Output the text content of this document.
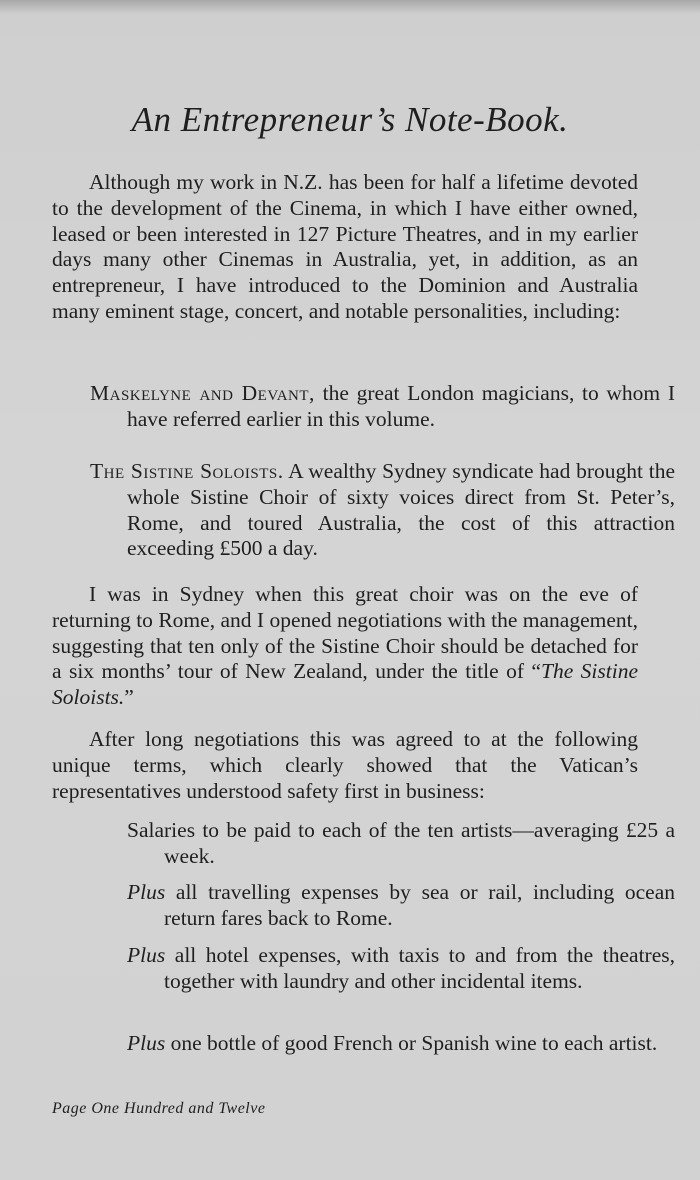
An Entrepreneur’s Note-Book.

Although my work in N.Z. has been for half a lifetime devoted to the development of the Cinema, in which I have either owned, leased or been interested in 127 Picture Theatres, and in my earlier days many other Cinemas in Australia, yet, in addition, as an entrepreneur, I have introduced to the Dominion and Australia many eminent stage, concert, and notable personalities, including:

Maskelyne and Devant, the great London magicians, to whom I have referred earlier in this volume.

The Sistine Soloists. A wealthy Sydney syndicate had brought the whole Sistine Choir of sixty voices direct from St. Peter’s, Rome, and toured Australia, the cost of this attraction exceeding £500 a day.

I was in Sydney when this great choir was on the eve of returning to Rome, and I opened negotiations with the management, suggesting that ten only of the Sistine Choir should be detached for a six months’ tour of New Zealand, under the title of “The Sistine Soloists.”

After long negotiations this was agreed to at the following unique terms, which clearly showed that the Vatican’s representatives understood safety first in business:

Salaries to be paid to each of the ten artists—averaging £25 a week.

Plus all travelling expenses by sea or rail, including ocean return fares back to Rome.

Plus all hotel expenses, with taxis to and from the theatres, together with laundry and other incidental items.

Plus one bottle of good French or Spanish wine to each artist.

Page One Hundred and Twelve
